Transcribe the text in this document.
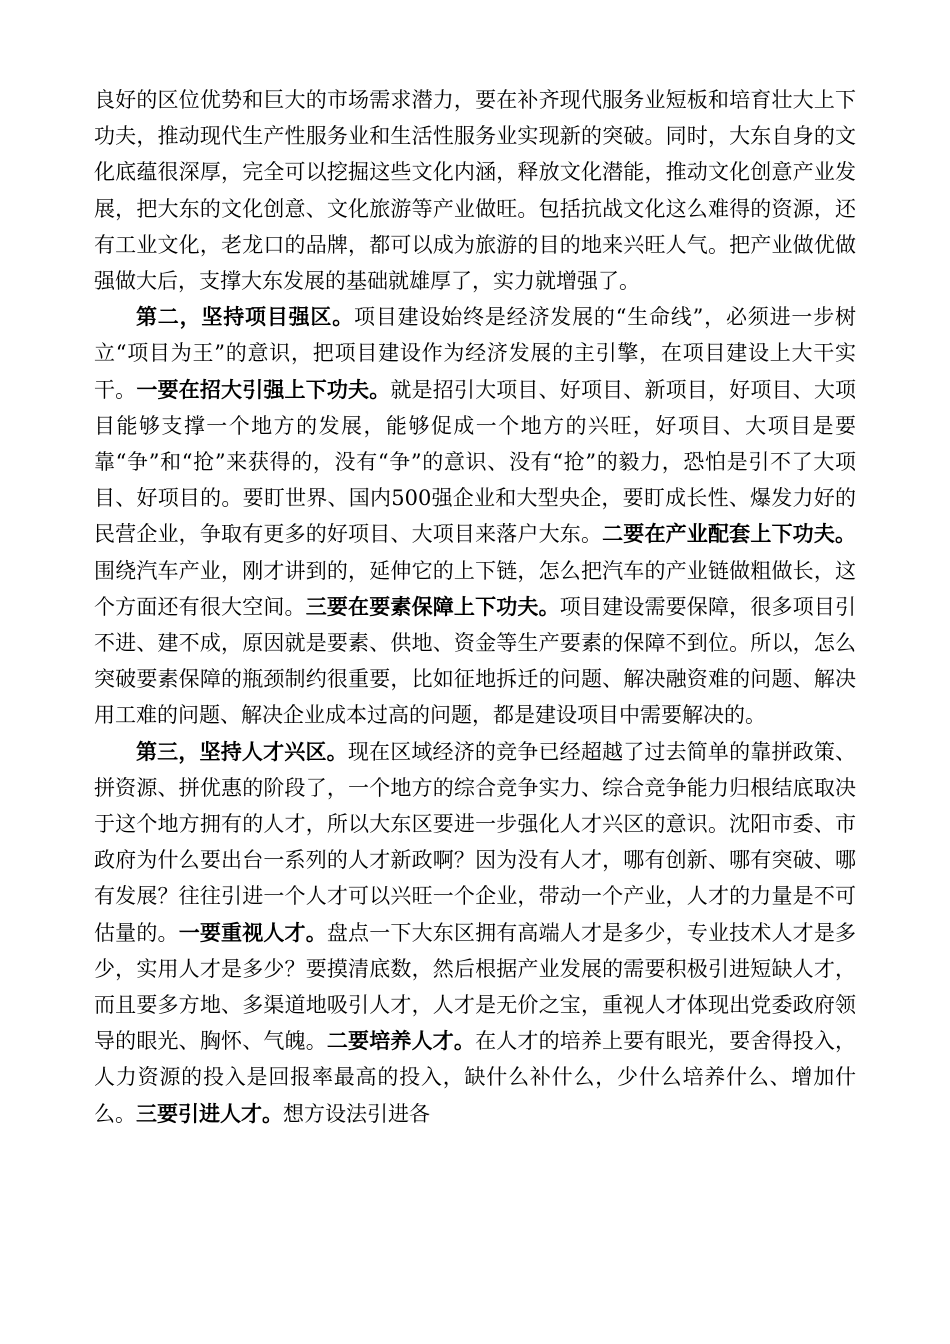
良好的区位优势和巨大的市场需求潜力，要在补齐现代服务业短板和培育壮大上下功夫，推动现代生产性服务业和生活性服务业实现新的突破。同时，大东自身的文化底蕴很深厚，完全可以挖掘这些文化内涵，释放文化潜能，推动文化创意产业发展，把大东的文化创意、文化旅游等产业做旺。包括抗战文化这么难得的资源，还有工业文化，老龙口的品牌，都可以成为旅游的目的地来兴旺人气。把产业做优做强做大后，支撑大东发展的基础就雄厚了，实力就增强了。

第二，坚持项目强区。项目建设始终是经济发展的“生命线”，必须进一步树立“项目为王”的意识，把项目建设作为经济发展的主引擎，在项目建设上大干实干。一要在招大引强上下功夫。就是招引大项目、好项目、新项目，好项目、大项目能够支撑一个地方的发展，能够促成一个地方的兴旺，好项目、大项目是要靠“争”和“抢”来获得的，没有“争”的意识、没有“抢”的毅力，恐怕是引不了大项目、好项目的。要盯世界、国内500强企业和大型央企，要盯成长性、爆发力好的民营企业，争取有更多的好项目、大项目来落户大东。二要在产业配套上下功夫。围绕汽车产业，刚才讲到的，延伸它的上下链，怎么把汽车的产业链做粗做长，这个方面还有很大空间。三要在要素保障上下功夫。项目建设需要保障，很多项目引不进、建不成，原因就是要素、供地、资金等生产要素的保障不到位。所以，怎么突破要素保障的瓶颈制约很重要，比如征地拆迁的问题、解决融资难的问题、解决用工难的问题、解决企业成本过高的问题，都是建设项目中需要解决的。

第三，坚持人才兴区。现在区域经济的竞争已经超越了过去简单的靠拼政策、拼资源、拼优惠的阶段了，一个地方的综合竞争实力、综合竞争能力归根结底取决于这个地方拥有的人才，所以大东区要进一步强化人才兴区的意识。沈阳市委、市政府为什么要出台一系列的人才新政啊？因为没有人才，哪有创新、哪有突破、哪有发展？往往引进一个人才可以兴旺一个企业，带动一个产业，人才的力量是不可估量的。一要重视人才。盘点一下大东区拥有高端人才是多少，专业技术人才是多少，实用人才是多少？要摸清底数，然后根据产业发展的需要积极引进短缺人才，而且要多方地、多渠道地吸引人才，人才是无价之宝，重视人才体现出党委政府领导的眼光、胸怀、气魄。二要培养人才。在人才的培养上要有眼光，要舍得投入，人力资源的投入是回报率最高的投入，缺什么补什么，少什么培养什么、增加什么。三要引进人才。想方设法引进各
